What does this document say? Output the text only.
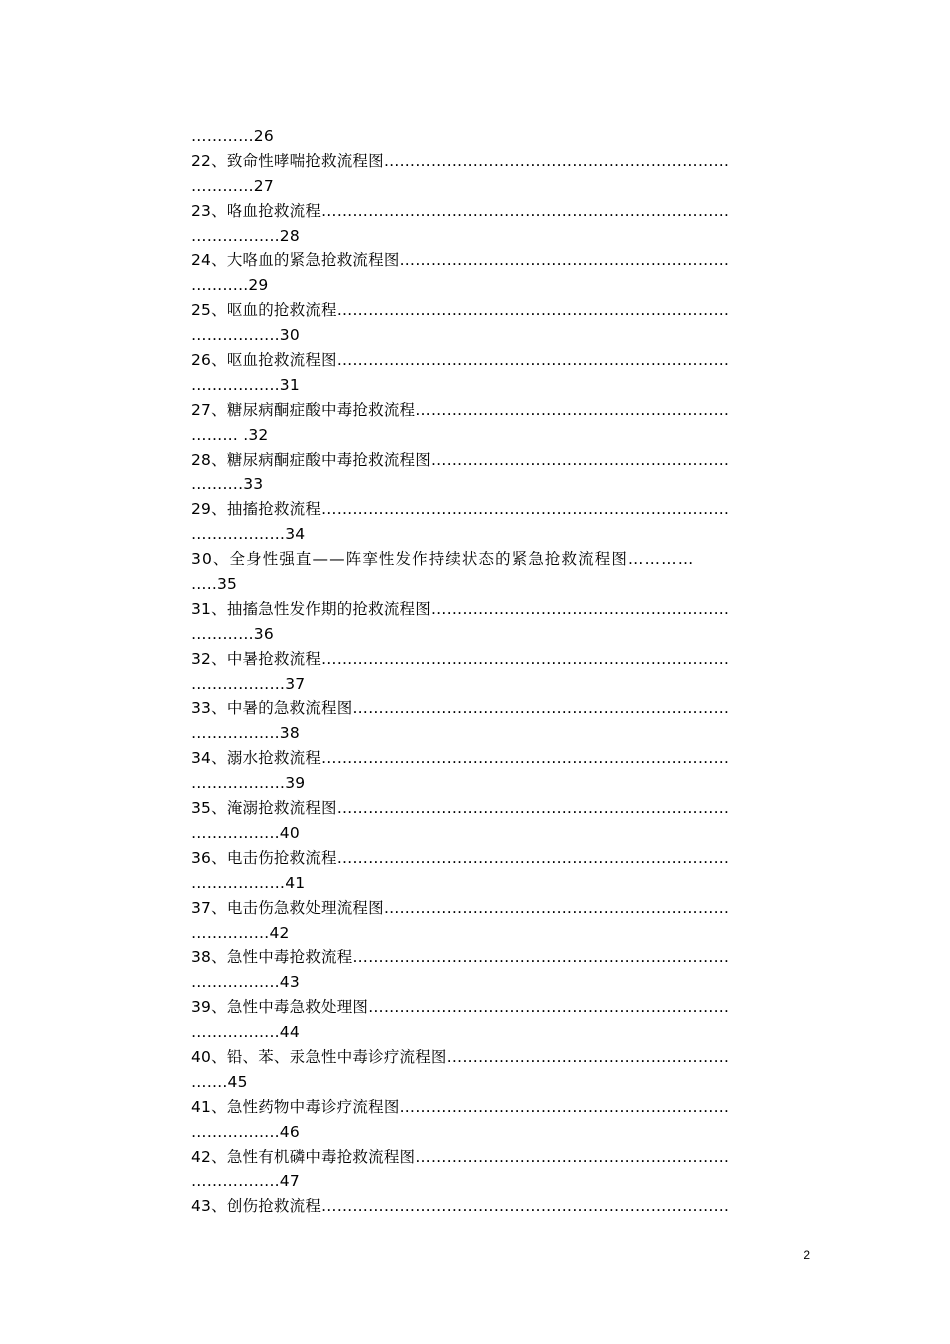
…………26
22、致命性哮喘抢救流程图…………………………………………………………
…………27
23、咯血抢救流程……………………………………………………………………
……………..28
24、大咯血的紧急抢救流程图………………………………………………………
………..29
25、呕血的抢救流程…………………………………………………………………
……………..30
26、呕血抢救流程图…………………………………………………………………
……………..31
27、糖尿病酮症酸中毒抢救流程……………………………………………………
……… .32
28、糖尿病酮症酸中毒抢救流程图…………………………………………………
……….33
29、抽搐抢救流程……………………………………………………………………
………………34
30、全身性强直——阵挛性发作持续状态的紧急抢救流程图…………
…..35
31、抽搐急性发作期的抢救流程图…………………………………………………
…………36
32、中暑抢救流程……………………………………………………………………
………………37
33、中暑的急救流程图………………………………………………………………
……………..38
34、溺水抢救流程……………………………………………………………………
………………39
35、淹溺抢救流程图…………………………………………………………………
……………..40
36、电击伤抢救流程…………………………………………………………………
………………41
37、电击伤急救处理流程图…………………………………………………………
……………42
38、急性中毒抢救流程………………………………………………………………
……………..43
39、急性中毒急救处理图……………………………………………………………
……………..44
40、铅、苯、汞急性中毒诊疗流程图………………………………………………
…….45
41、急性药物中毒诊疗流程图………………………………………………………
……………..46
42、急性有机磷中毒抢救流程图……………………………………………………
……………..47
43、创伤抢救流程……………………………………………………………………
2
